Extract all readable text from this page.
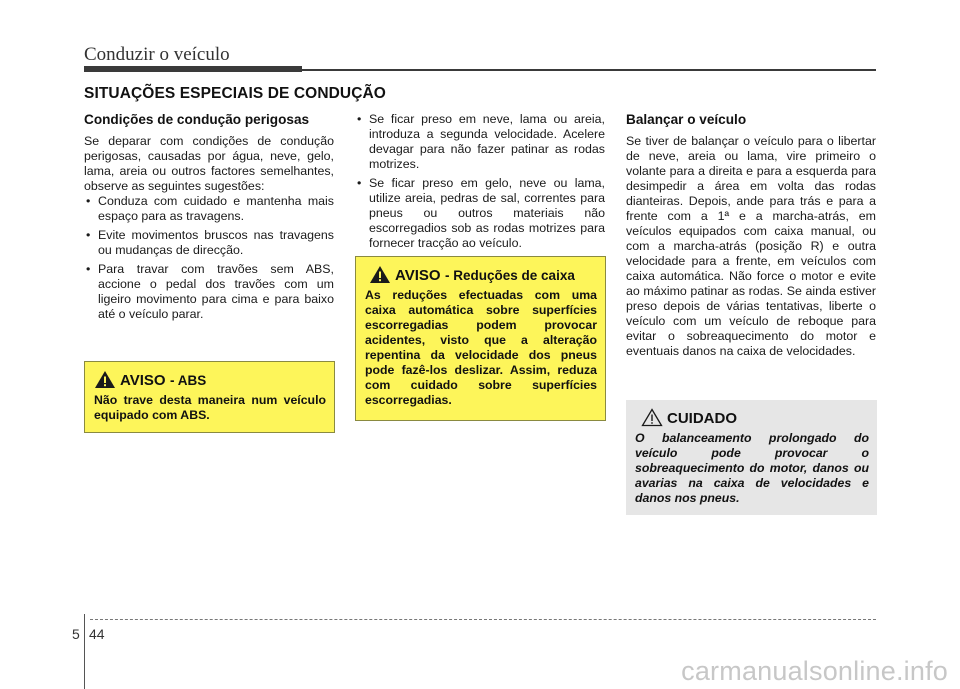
Conduzir o veículo
SITUAÇÕES ESPECIAIS DE CONDUÇÃO
Condições de condução perigosas

Se deparar com condições de condução perigosas, causadas por água, neve, gelo, lama, areia ou outros factores semelhantes, observe as seguintes sugestões:

• Conduza com cuidado e mantenha mais espaço para as travagens.
• Evite movimentos bruscos nas travagens ou mudanças de direcção.
• Para travar com travões sem ABS, accione o pedal dos travões com um ligeiro movimento para cima e para baixo até o veículo parar.
AVISO
- ABS
Não trave desta maneira num veículo equipado com ABS.
• Se ficar preso em neve, lama ou areia, introduza a segunda velocidade. Acelere devagar para não fazer patinar as rodas motrizes.
• Se ficar preso em gelo, neve ou lama, utilize areia, pedras de sal, correntes para pneus ou outros materiais não escorregadios sob as rodas motrizes para fornecer tracção ao veículo.
AVISO
- Reduções de caixa
As reduções efectuadas com uma caixa automática sobre superfícies escorregadias podem provocar acidentes, visto que a alteração repentina da velocidade dos pneus pode fazê-los deslizar. Assim, reduza com cuidado sobre superfícies escorregadias.
Balançar o veículo

Se tiver de balançar o veículo para o libertar de neve, areia ou lama, vire primeiro o volante para a direita e para a esquerda para desimpedir a área em volta das rodas dianteiras. Depois, ande para trás e para a frente com a 1ª e a marcha-atrás, em veículos equipados com caixa manual, ou com a marcha-atrás (posição R) e outra velocidade para a frente, em veículos com caixa automática. Não force o motor e evite ao máximo patinar as rodas. Se ainda estiver preso depois de várias tentativas, liberte o veículo com um veículo de reboque para evitar o sobreaquecimento do motor e eventuais danos na caixa de velocidades.

CUIDADO
O balanceamento prolongado do veículo pode provocar o sobreaquecimento do motor, danos ou avarias na caixa de velocidades e danos nos pneus.
5 44
carmanualsonline.info
